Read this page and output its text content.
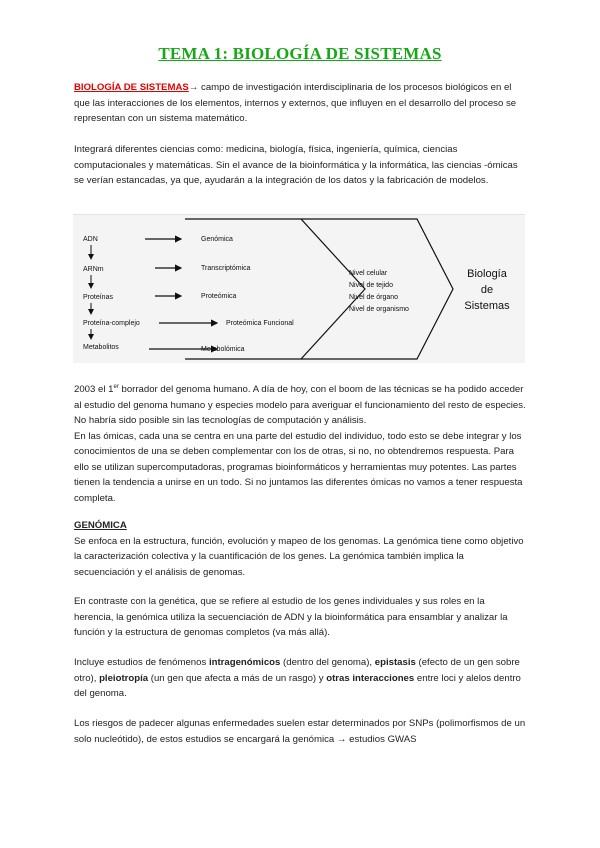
TEMA 1: BIOLOGÍA DE SISTEMAS

BIOLOGÍA DE SISTEMAS→ campo de investigación interdisciplinaria de los procesos biológicos en el que las interacciones de los elementos, internos y externos, que influyen en el desarrollo del proceso se representan con un sistema matemático.

Integrará diferentes ciencias como: medicina, biología, física, ingeniería, química, ciencias computacionales y matemáticas. Sin el avance de la bioinformática y la informática, las ciencias -ómicas se verían estancadas, ya que, ayudarán a la integración de los datos y la fabricación de modelos.

ADN
ARNm
Proteínas
Proteína-complejo
Metabolitos
Genómica
Transcriptómica
Proteómica
Proteómica Funcional
Metabolómica
Nivel celular
Nivel de tejido
Nivel de órgano
Nivel de organismo
Biología
de
Sistemas

2003 el 1er borrador del genoma humano. A día de hoy, con el boom de las técnicas se ha podido acceder al estudio del genoma humano y especies modelo para averiguar el funcionamiento del resto de especies. No habría sido posible sin las tecnologías de computación y análisis.
En las ómicas, cada una se centra en una parte del estudio del individuo, todo esto se debe integrar y los conocimientos de una se deben complementar con los de otras, si no, no obtendremos respuesta. Para ello se utilizan supercomputadoras, programas bioinformáticos y herramientas muy potentes. Las partes tienen la tendencia a unirse en un todo. Si no juntamos las diferentes ómicas no vamos a tener respuesta completa.

GENÓMICA
Se enfoca en la estructura, función, evolución y mapeo de los genomas. La genómica tiene como objetivo la caracterización colectiva y la cuantificación de los genes. La genómica también implica la secuenciación y el análisis de genomas.

En contraste con la genética, que se refiere al estudio de los genes individuales y sus roles en la herencia, la genómica utiliza la secuenciación de ADN y la bioinformática para ensamblar y analizar la función y la estructura de genomas completos (va más allá).

Incluye estudios de fenómenos intragenómicos (dentro del genoma), epistasis (efecto de un gen sobre otro), pleiotropía (un gen que afecta a más de un rasgo) y otras interacciones entre loci y alelos dentro del genoma.

Los riesgos de padecer algunas enfermedades suelen estar determinados por SNPs (polimorfismos de un solo nucleótido), de estos estudios se encargará la genómica → estudios GWAS
